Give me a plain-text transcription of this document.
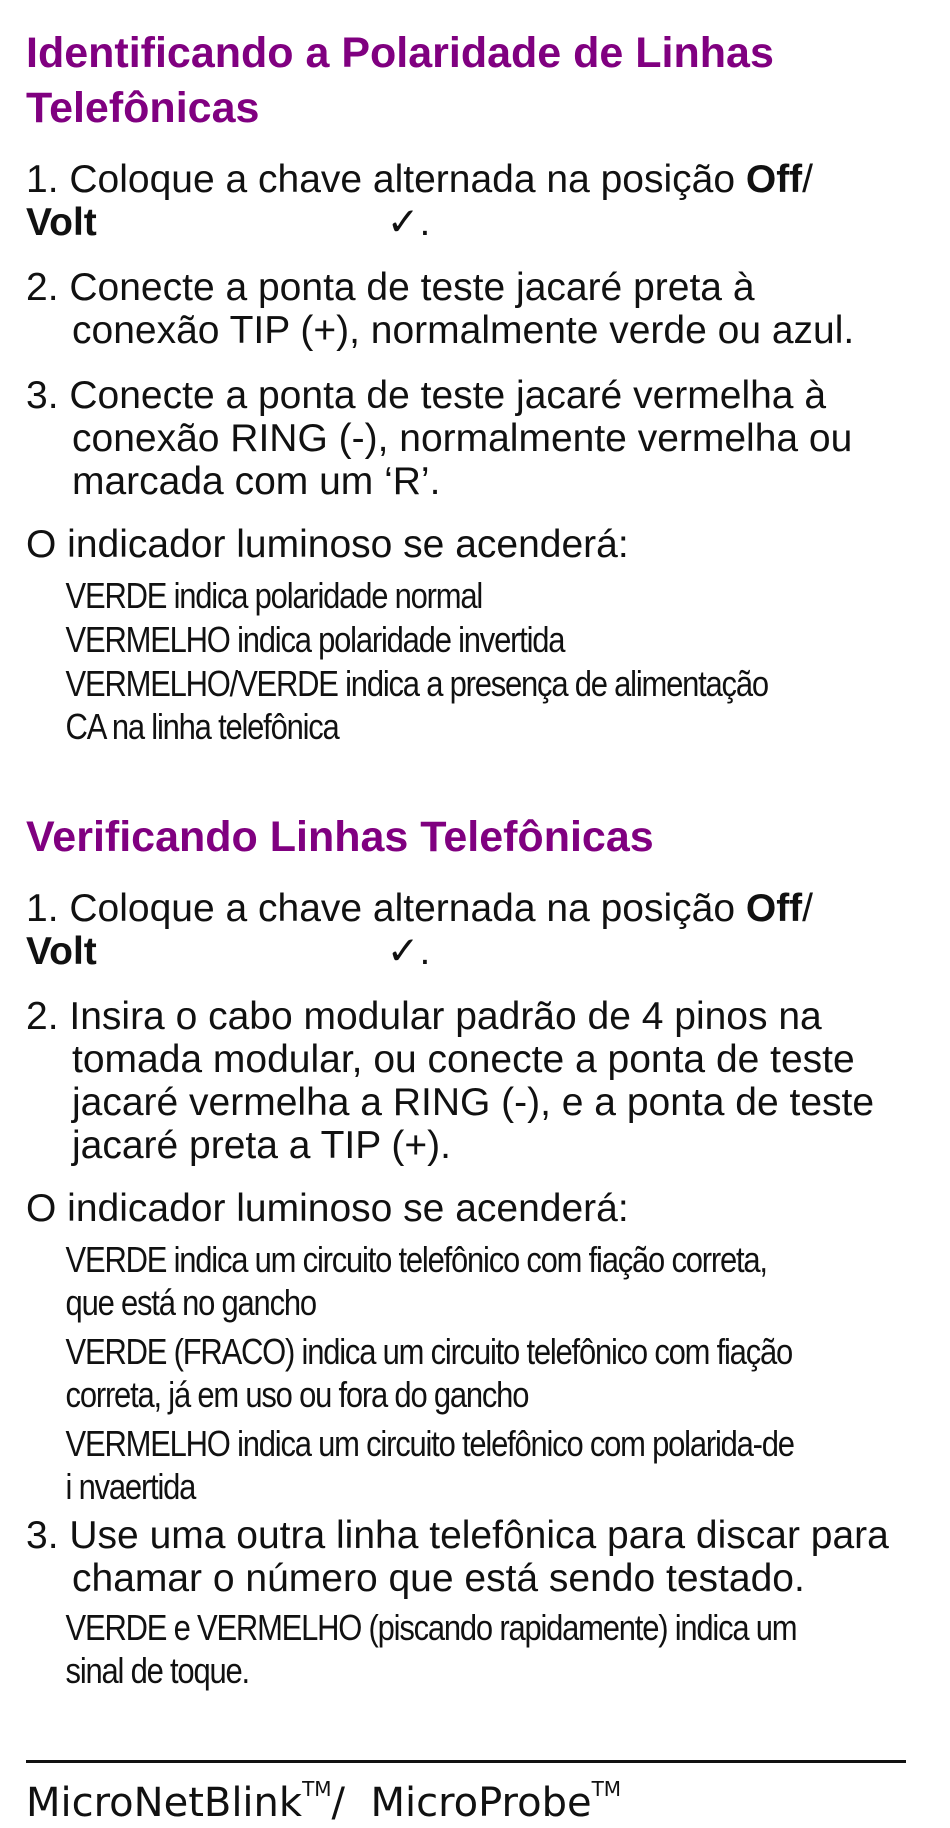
Identificando a Polaridade de Linhas Telefônicas
1. Coloque a chave alternada na posição Off/
Volt	✓.
2. Conecte a ponta de teste jacaré preta à conexão TIP (+), normalmente verde ou azul.
3. Conecte a ponta de teste jacaré vermelha à conexão RING (-), normalmente vermelha ou marcada com um ‘R’.
O indicador luminoso se acenderá:
VERDE indica polaridade normal
VERMELHO indica polaridade invertida
VERMELHO/VERDE indica a presença de alimentação CA na linha telefônica
Verificando Linhas Telefônicas
1. Coloque a chave alternada na posição Off/
Volt	✓.
2. Insira o cabo modular padrão de 4 pinos na tomada modular, ou conecte a ponta de teste jacaré vermelha a RING (-), e a ponta de teste jacaré preta a TIP (+).
O indicador luminoso se acenderá:
VERDE indica um circuito telefônico com fiação correta, que está no gancho
VERDE (FRACO) indica um circuito telefônico com fiação correta, já em uso ou fora do gancho
VERMELHO indica um circuito telefônico com polarida-de i nvaertida
3. Use uma outra linha telefônica para discar para chamar o número que está sendo testado.
VERDE e VERMELHO (piscando rapidamente) indica um sinal de toque.
MicroNetBlink™/ MicroProbe™
